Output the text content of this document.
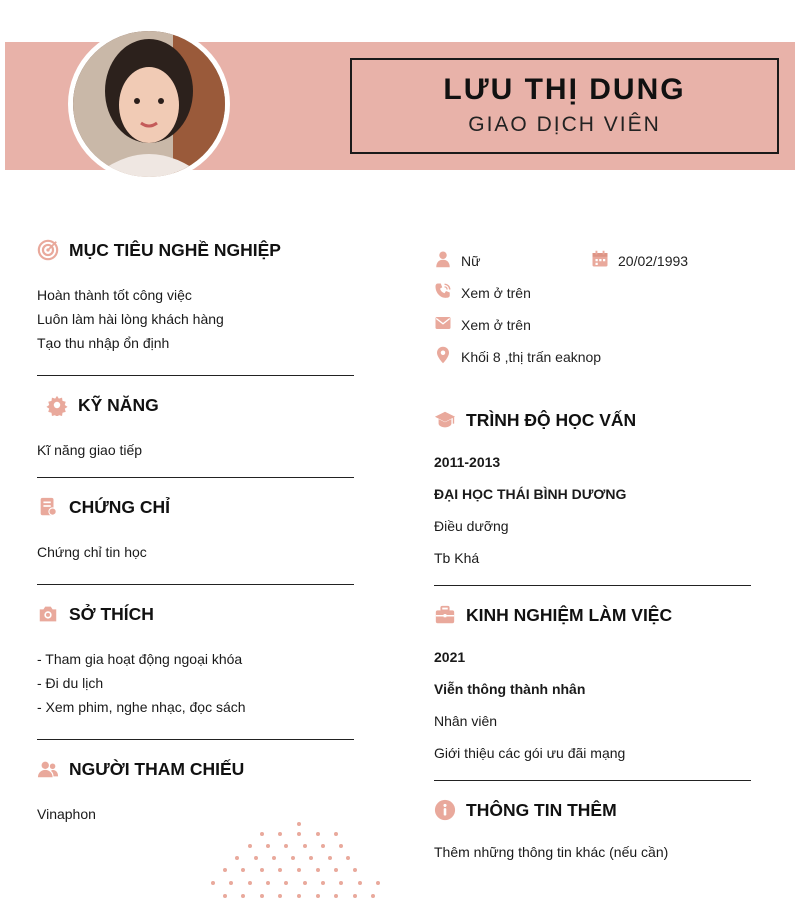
LƯU THỊ DUNG
GIAO DỊCH VIÊN
MỤC TIÊU NGHỀ NGHIỆP
Hoàn thành tốt công việc
Luôn làm hài lòng khách hàng
Tạo thu nhập ổn định
KỸ NĂNG
Kĩ năng giao tiếp
CHỨNG CHỈ
Chứng chỉ tin học
SỞ THÍCH
- Tham gia hoạt động ngoại khóa
- Đi du lịch
- Xem phim, nghe nhạc, đọc sách
NGƯỜI THAM CHIẾU
Vinaphon
Nữ	20/02/1993
Xem ở trên
Xem ở trên
Khối 8 ,thị trấn eaknop
TRÌNH ĐỘ HỌC VẤN
2011-2013
ĐẠI HỌC THÁI BÌNH DƯƠNG
Điều dưỡng
Tb Khá
KINH NGHIỆM LÀM VIỆC
2021
Viễn thông thành nhân
Nhân viên
Giới thiệu các gói ưu đãi mạng
THÔNG TIN THÊM
Thêm những thông tin khác (nếu cần)
